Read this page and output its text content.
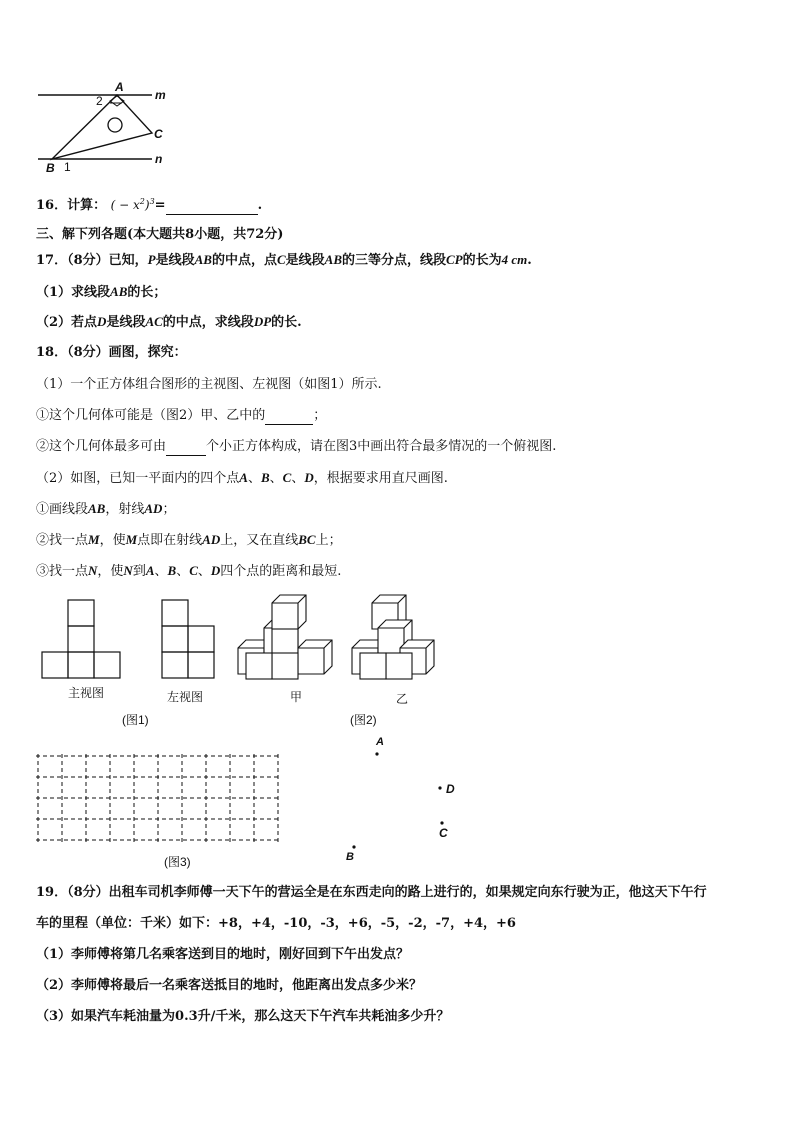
A
m
2
C
B 1
n
16．计算： ( − $x^2)^3=$	.
三、解下列各题(本大题共8小题，共72分)
17．（8分）已知，P是线段AB的中点，点C是线段AB的三等分点，线段CP的长为4 cm.
（1）求线段AB的长；
（2）若点D是线段AC的中点，求线段DP的长.
18．（8分）画图，探究：
（1）一个正方体组合图形的主视图、左视图（如图1）所示.
①这个几何体可能是（图2）甲、乙中的	；
②这个几何体最多可由	个小正方体构成，请在图3中画出符合最多情况的一个俯视图.
（2）如图，已知一平面内的四个点A、B、C、D，根据要求用直尺画图.
①画线段AB，射线AD；
②找一点M，使M点即在射线AD上，又在直线BC上；
③找一点N，使N到A、B、C、D四个点的距离和最短.
主视图	左视图	甲	乙
(图1)	(图2)
(图3)
A
D
C
B
19．（8分）出租车司机李师傅一天下午的营运全是在东西走向的路上进行的，如果规定向东行驶为正，他这天下午行
车的里程（单位：千米）如下：+8，+4，-10，-3，+6，-5，-2，-7，+4，+6
（1）李师傅将第几名乘客送到目的地时，刚好回到下午出发点？
（2）李师傅将最后一名乘客送抵目的地时，他距离出发点多少米？
（3）如果汽车耗油量为0.3升/千米，那么这天下午汽车共耗油多少升？
